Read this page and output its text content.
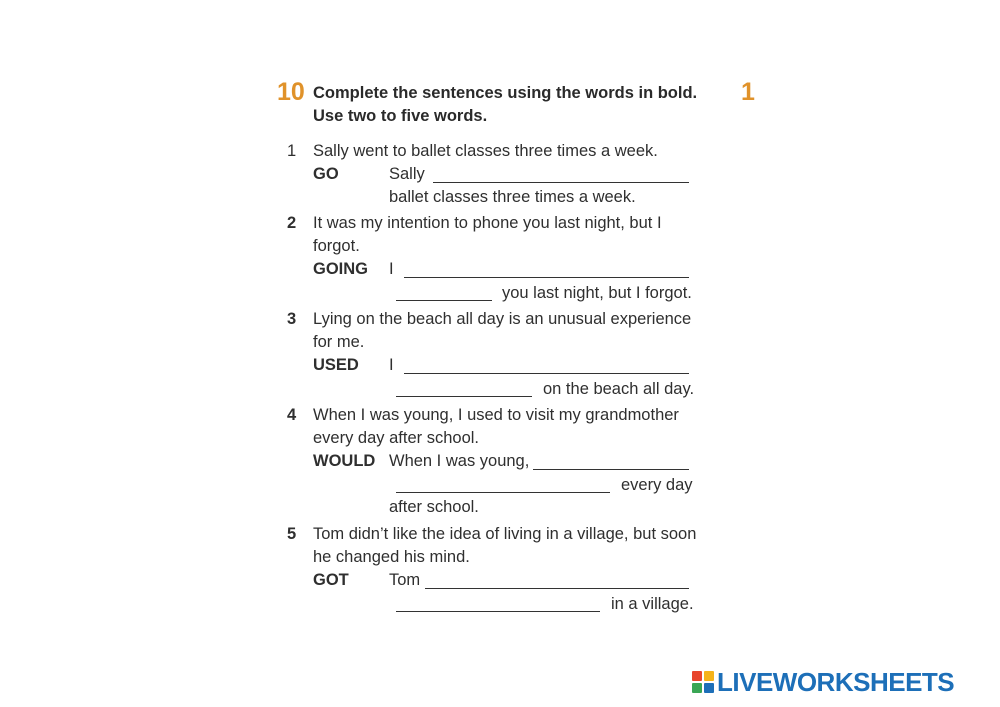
10 Complete the sentences using the words in bold.
Use two to five words.
1
1 Sally went to ballet classes three times a week.
GO	Sally
ballet classes three times a week.
2 It was my intention to phone you last night, but I
forgot.
GOING I
you last night, but I forgot.
3 Lying on the beach all day is an unusual experience
for me.
USED I
on the beach all day.
4 When I was young, I used to visit my grandmother
every day after school.
WOULD When I was young,
every day
after school.
5 Tom didn’t like the idea of living in a village, but soon
he changed his mind.
GOT Tom
in a village.
LIVEWORKSHEETS
